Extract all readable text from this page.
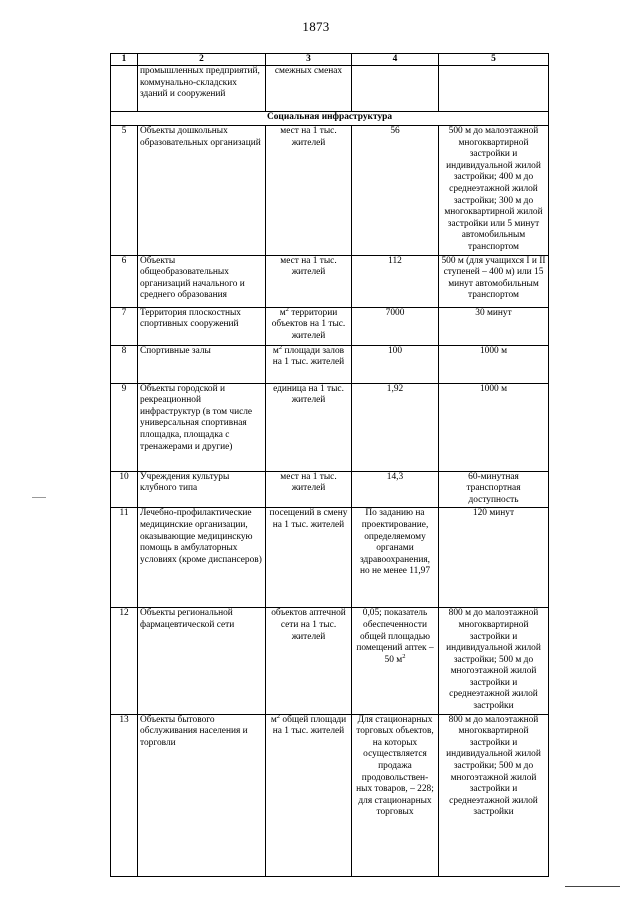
1873
1	2	3	4	5
	промышленных предприятий, коммунально-складских зданий и сооружений	смежных сменах		
Социальная инфраструктура				
5	Объекты дошкольных образовательных организаций	мест на 1 тыс. жителей	56	500 м до малоэтажной многоквартирной застройки и индивидуальной жилой застройки; 400 м до среднеэтажной жилой застройки; 300 м до многоквартирной жилой застройки или 5 минут автомобильным транспортом
6	Объекты общеобразовательных организаций начального и среднего образования	мест на 1 тыс. жителей	112	500 м (для учащихся I и II ступеней – 400 м) или 15 минут автомобильным транспортом
7	Территория плоскостных спортивных сооружений	$м^2$ территории объектов на 1 тыс. жителей	7000	30 минут
8	Спортивные залы	$м^2$ площади залов на 1 тыс. жителей	100	1000 м
9	Объекты городской и рекреационной инфраструктур (в том числе универсальная спортивная площадка, площадка с тренажерами и другие)	единица на 1 тыс. жителей	1,92	1000 м
10	Учреждения культуры клубного типа	мест на 1 тыс. жителей	14,3	60-минутная транспортная доступность
11	Лечебно-профилактические медицинские организации, оказывающие медицинскую помощь в амбулаторных условиях (кроме диспансеров)	посещений в смену на 1 тыс. жителей	По заданию на проектирование, определяемому органами здравоохранения, но не менее 11,97	120 минут
12	Объекты региональной фармацевтической сети	объектов аптечной сети на 1 тыс. жителей	0,05; показатель обеспеченности общей площадью помещений аптек – 50 $м^2$	800 м до малоэтажной многоквартирной застройки и индивидуальной жилой застройки; 500 м до многоэтажной жилой застройки и среднеэтажной жилой застройки
13	Объекты бытового обслуживания населения и торговли	$м^2$ общей площади на 1 тыс. жителей	Для стационарных торговых объектов, на которых осуществляется продажа продовольствен-ных товаров, – 228; для стационарных торговых	800 м до малоэтажной многоквартирной застройки и индивидуальной жилой застройки; 500 м до многоэтажной жилой застройки и среднеэтажной жилой застройки
